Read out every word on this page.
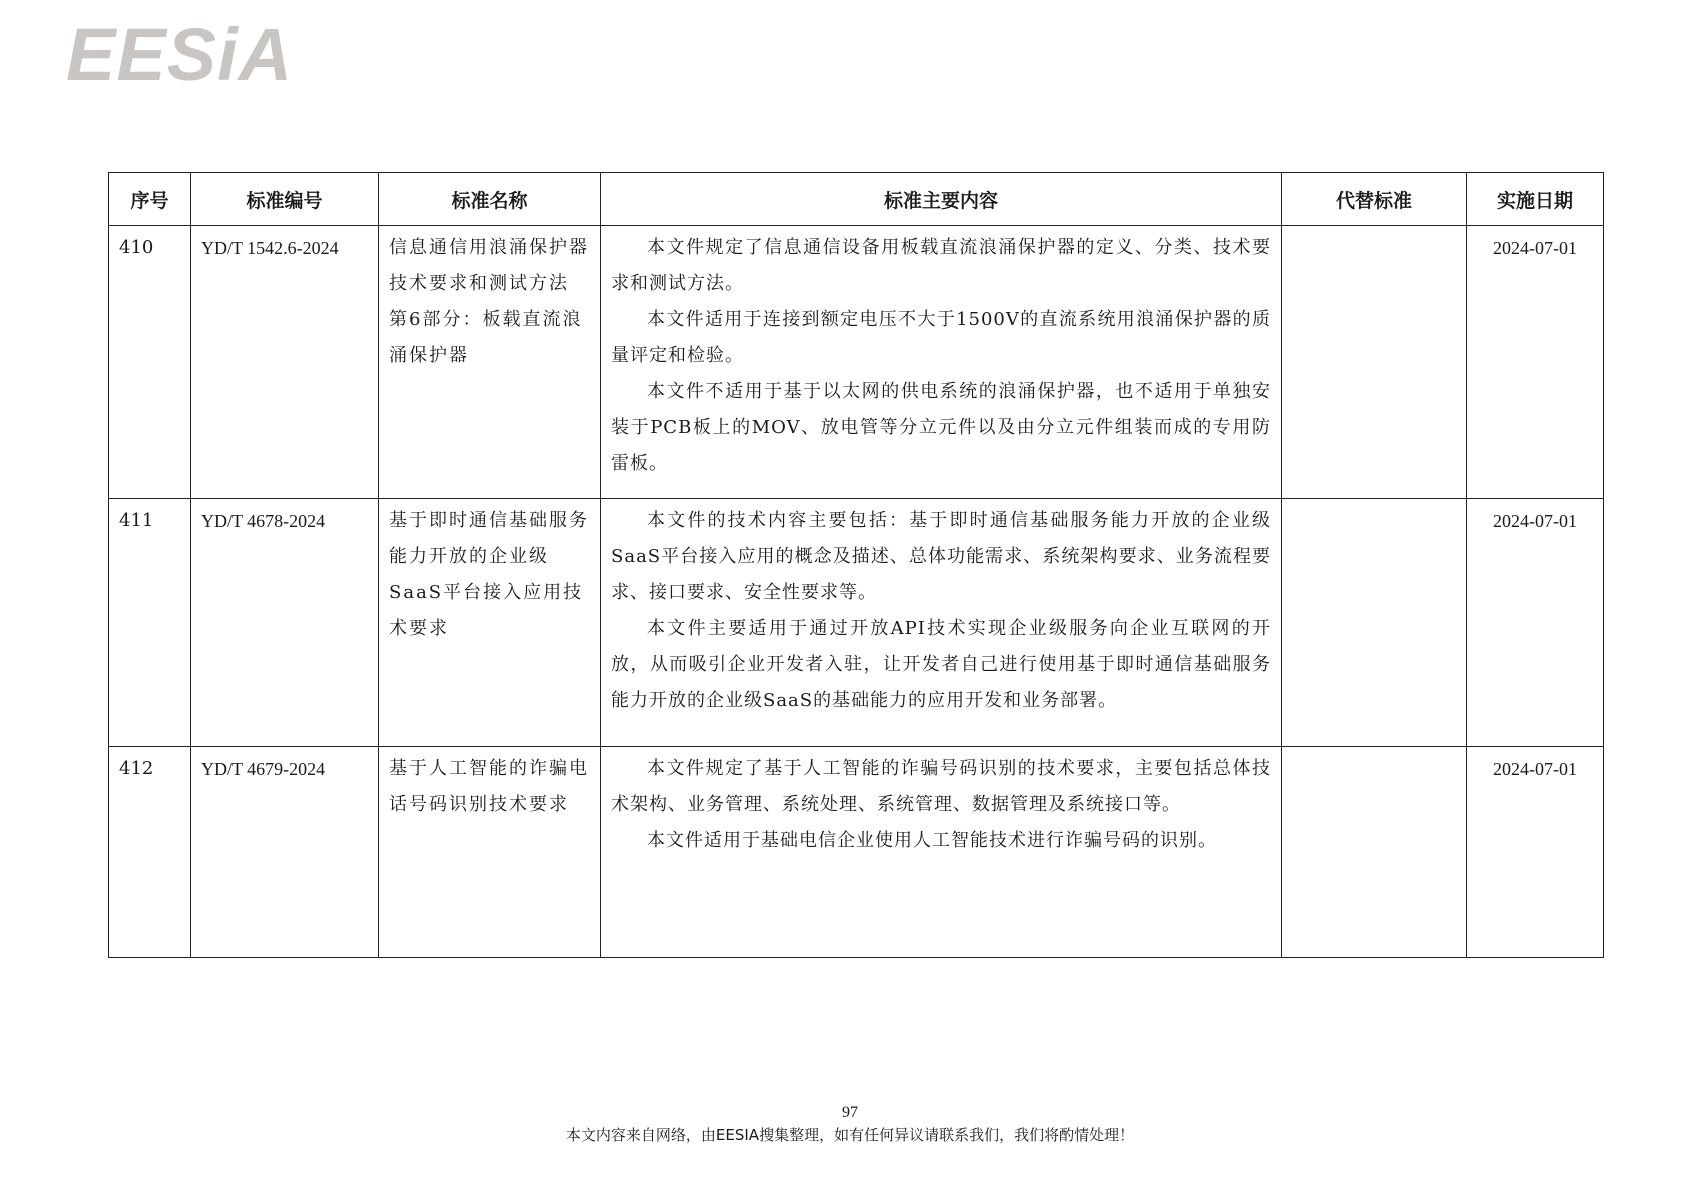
EESiA
序号	标准编号	标准名称	标准主要内容	代替标准	实施日期
410	YD/T 1542.6-2024	信息通信用浪涌保护器技术要求和测试方法 第6部分：板载直流浪涌保护器	本文件规定了信息通信设备用板载直流浪涌保护器的定义、分类、技术要求和测试方法。

本文件适用于连接到额定电压不大于1500V的直流系统用浪涌保护器的质量评定和检验。

本文件不适用于基于以太网的供电系统的浪涌保护器，也不适用于单独安装于PCB板上的MOV、放电管等分立元件以及由分立元件组装而成的专用防雷板。		2024-07-01
411	YD/T 4678-2024	基于即时通信基础服务能力开放的企业级SaaS平台接入应用技术要求	本文件的技术内容主要包括：基于即时通信基础服务能力开放的企业级SaaS平台接入应用的概念及描述、总体功能需求、系统架构要求、业务流程要求、接口要求、安全性要求等。

本文件主要适用于通过开放API技术实现企业级服务向企业互联网的开放，从而吸引企业开发者入驻，让开发者自己进行使用基于即时通信基础服务能力开放的企业级SaaS的基础能力的应用开发和业务部署。		2024-07-01
412	YD/T 4679-2024	基于人工智能的诈骗电话号码识别技术要求	本文件规定了基于人工智能的诈骗号码识别的技术要求，主要包括总体技术架构、业务管理、系统处理、系统管理、数据管理及系统接口等。

本文件适用于基础电信企业使用人工智能技术进行诈骗号码的识别。		2024-07-01
97
本文内容来自网络，由EESIA搜集整理，如有任何异议请联系我们，我们将酌情处理！
